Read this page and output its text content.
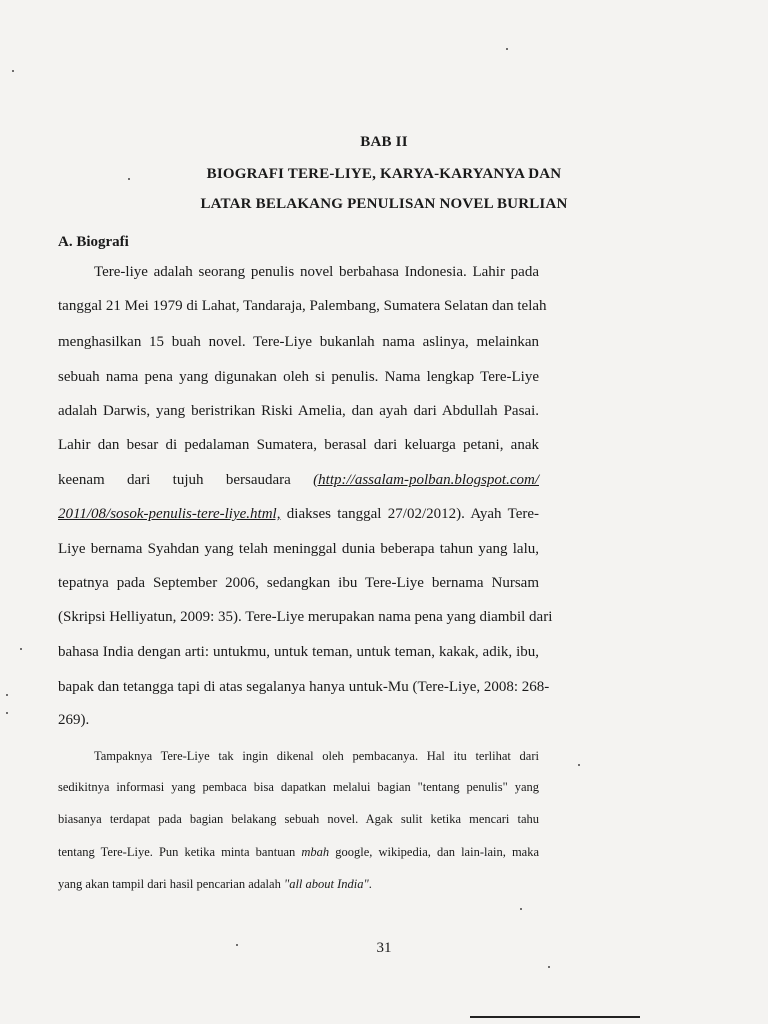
BAB II
BIOGRAFI TERE-LIYE, KARYA-KARYANYA DAN
LATAR BELAKANG PENULISAN NOVEL BURLIAN
A. Biografi
Tere-liye adalah seorang penulis novel berbahasa Indonesia. Lahir pada
tanggal 21 Mei 1979 di Lahat, Tandaraja, Palembang, Sumatera Selatan dan telah
menghasilkan 15 buah novel. Tere-Liye bukanlah nama aslinya, melainkan
sebuah nama pena yang digunakan oleh si penulis. Nama lengkap Tere-Liye
adalah Darwis, yang beristrikan Riski Amelia, dan ayah dari Abdullah Pasai.
Lahir dan besar di pedalaman Sumatera, berasal dari keluarga petani, anak
keenam dari tujuh bersaudara (http://assalam-polban.blogspot.com/
2011/08/sosok-penulis-tere-liye.html, diakses tanggal 27/02/2012). Ayah Tere-
Liye bernama Syahdan yang telah meninggal dunia beberapa tahun yang lalu,
tepatnya pada September 2006, sedangkan ibu Tere-Liye bernama Nursam
(Skripsi Helliyatun, 2009: 35). Tere-Liye merupakan nama pena yang diambil dari
bahasa India dengan arti: untukmu, untuk teman, untuk teman, kakak, adik, ibu,
bapak dan tetangga tapi di atas segalanya hanya untuk-Mu (Tere-Liye, 2008: 268-
269).
Tampaknya Tere-Liye tak ingin dikenal oleh pembacanya. Hal itu terlihat dari
sedikitnya informasi yang pembaca bisa dapatkan melalui bagian "tentang penulis" yang
biasanya terdapat pada bagian belakang sebuah novel. Agak sulit ketika mencari tahu
tentang Tere-Liye. Pun ketika minta bantuan mbah google, wikipedia, dan lain-lain, maka
yang akan tampil dari hasil pencarian adalah "all about India".
31
